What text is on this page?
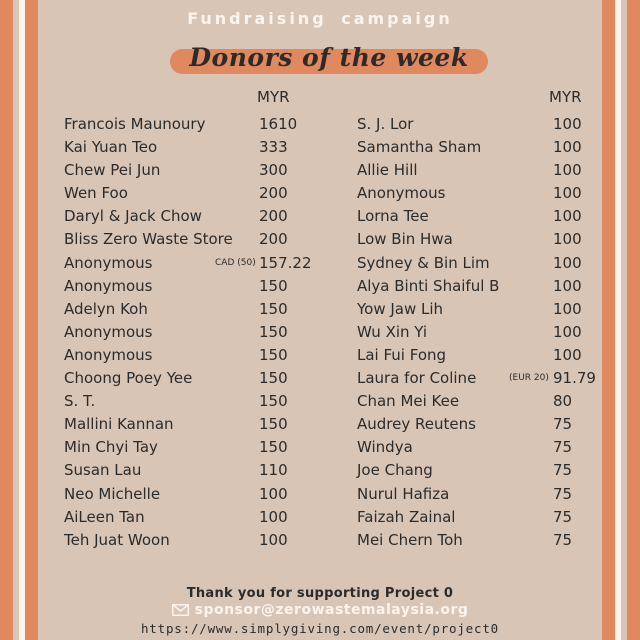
Fundraising campaign
Donors of the week
MYR	MYR
Francois Maunoury	1610
Kai Yuan Teo	333
Chew Pei Jun	300
Wen Foo	200
Daryl & Jack Chow	200
Bliss Zero Waste Store 200
Anonymous	CAD (50) 157.22
Anonymous	150
Adelyn Koh	150
Anonymous	150
Anonymous	150
Choong Poey Yee	150
S. T.	150
Mallini Kannan	150
Min Chyi Tay	150
Susan Lau	110
Neo Michelle	100
AiLeen Tan	100
Teh Juat Woon	100
S. J. Lor	100
Samantha Sham	100
Allie Hill	100
Anonymous	100
Lorna Tee	100
Low Bin Hwa	100
Sydney & Bin Lim	100
Alya Binti Shaiful B	100
Yow Jaw Lih	100
Wu Xin Yi	100
Lai Fui Fong	100
Laura for Coline	(EUR 20) 91.79
Chan Mei Kee	80
Audrey Reutens	75
Windya	75
Joe Chang	75
Nurul Hafiza	75
Faizah Zainal	75
Mei Chern Toh	75
Thank you for supporting Project 0
sponsor@zerowastemalaysia.org
https://www.simplygiving.com/event/project0
